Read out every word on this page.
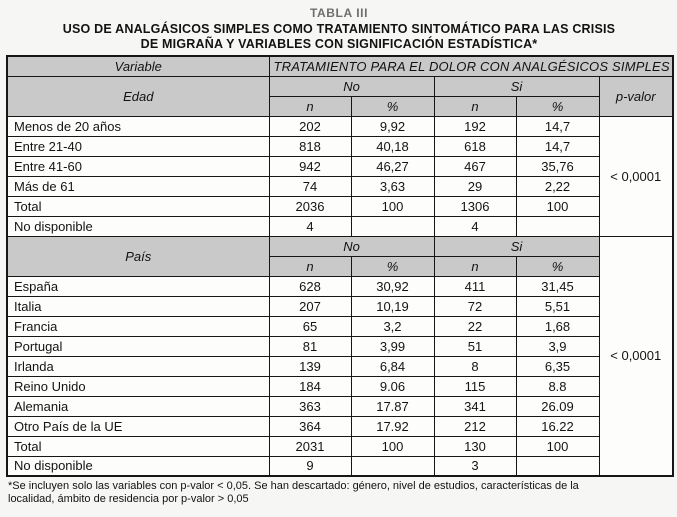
TABLA III
USO DE ANALGÁSICOS SIMPLES COMO TRATAMIENTO SINTOMÁTICO PARA LAS CRISIS
DE MIGRAÑA Y VARIABLES CON SIGNIFICACIÓN ESTADÍSTICA*
Variable	TRATAMIENTO PARA EL DOLOR CON ANALGÉSICOS SIMPLES				
Edad	No		Si		p-valor
	n	%	n	%	
Menos de 20 años	202	9,92	192	14,7	< 0,0001
Entre 21-40	818	40,18	618	14,7	
Entre 41-60	942	46,27	467	35,76	
Más de 61	74	3,63	29	2,22	
Total	2036	100	1306	100	
No disponible	4		4		
País	No		Si		< 0,0001
	n	%	n	%	
España	628	30,92	411	31,45	
Italia	207	10,19	72	5,51	
Francia	65	3,2	22	1,68	
Portugal	81	3,99	51	3,9	
Irlanda	139	6,84	8	6,35	
Reino Unido	184	9.06	115	8.8	
Alemania	363	17.87	341	26.09	
Otro País de la UE	364	17.92	212	16.22	
Total	2031	100	130	100	
No disponible	9		3		
*Se incluyen solo las variables con p-valor < 0,05. Se han descartado: género, nivel de estudios, características de la
localidad, ámbito de residencia por p-valor > 0,05
